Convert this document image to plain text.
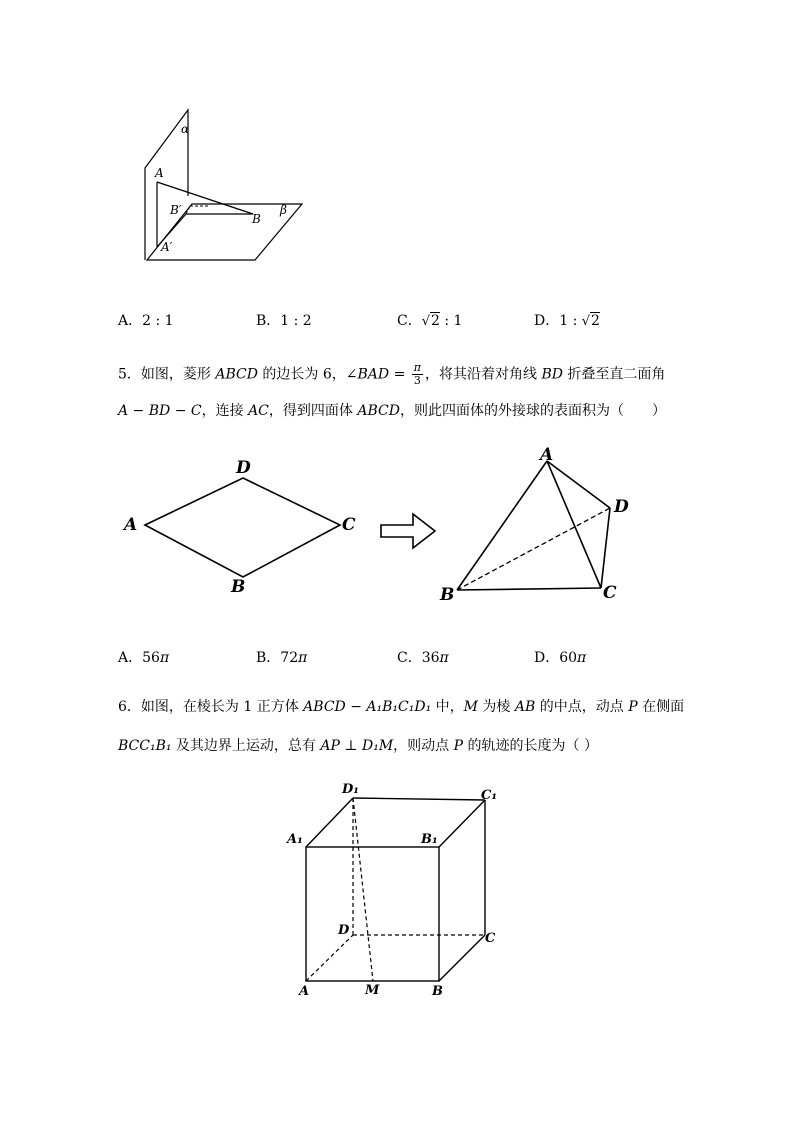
α
A
B′
B
β
A′
A．2 : 1	B．1 : 2	C．√2 : 1	D．1 : √2
5．如图，菱形 ABCD 的边长为 6，∠BAD = $\frac{\pi}{3}$ ，将其沿着对角线 BD 折叠至直二面角
A − BD − C，连接 AC，得到四面体 ABCD，则此四面体的外接球的表面积为（　　）
A
D
C
B
A
D
B	C
A．56π	B．72π	C．36π	D．60π
6．如图，在棱长为 1 正方体 ABCD − A₁B₁C₁D₁ 中，M 为棱 AB 的中点，动点 P 在侧面
BCC₁B₁ 及其边界上运动，总有 AP ⊥ D₁M，则动点 P 的轨迹的长度为（ ）
D₁	C₁
A₁	B₁
D
C
A	M	B
